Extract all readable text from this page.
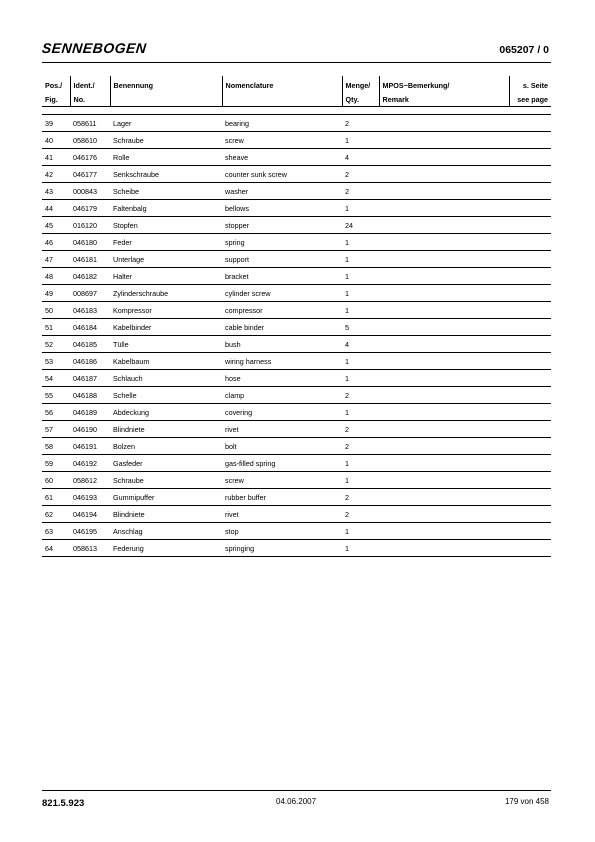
SENNEBOGEN	065207 / 0
Pos./	Ident./	Benennung	Nomenclature	Menge/	MPOS~Bemerkung/	s. Seite
Fig.	No.			Qty.	Remark	see page

39	058611	Lager	bearing	2		
40	058610	Schraube	screw	1		
41	046176	Rolle	sheave	4		
42	046177	Senkschraube	counter sunk screw	2		
43	000843	Scheibe	washer	2		
44	046179	Faltenbalg	bellows	1		
45	016120	Stopfen	stopper	24		
46	046180	Feder	spring	1		
47	046181	Unterlage	support	1		
48	046182	Halter	bracket	1		
49	008697	Zylinderschraube	cylinder screw	1		
50	046183	Kompressor	compressor	1		
51	046184	Kabelbinder	cable binder	5		
52	046185	Tülle	bush	4		
53	046186	Kabelbaum	wiring harness	1		
54	046187	Schlauch	hose	1		
55	046188	Schelle	clamp	2		
56	046189	Abdeckung	covering	1		
57	046190	Blindniete	rivet	2		
58	046191	Bolzen	bolt	2		
59	046192	Gasfeder	gas-filled spring	1		
60	058612	Schraube	screw	1		
61	046193	Gummipuffer	rubber buffer	2		
62	046194	Blindniete	rivet	2		
63	046195	Anschlag	stop	1		
64	058613	Federung	springing	1		
821.5.923	04.06.2007	179 von 458
